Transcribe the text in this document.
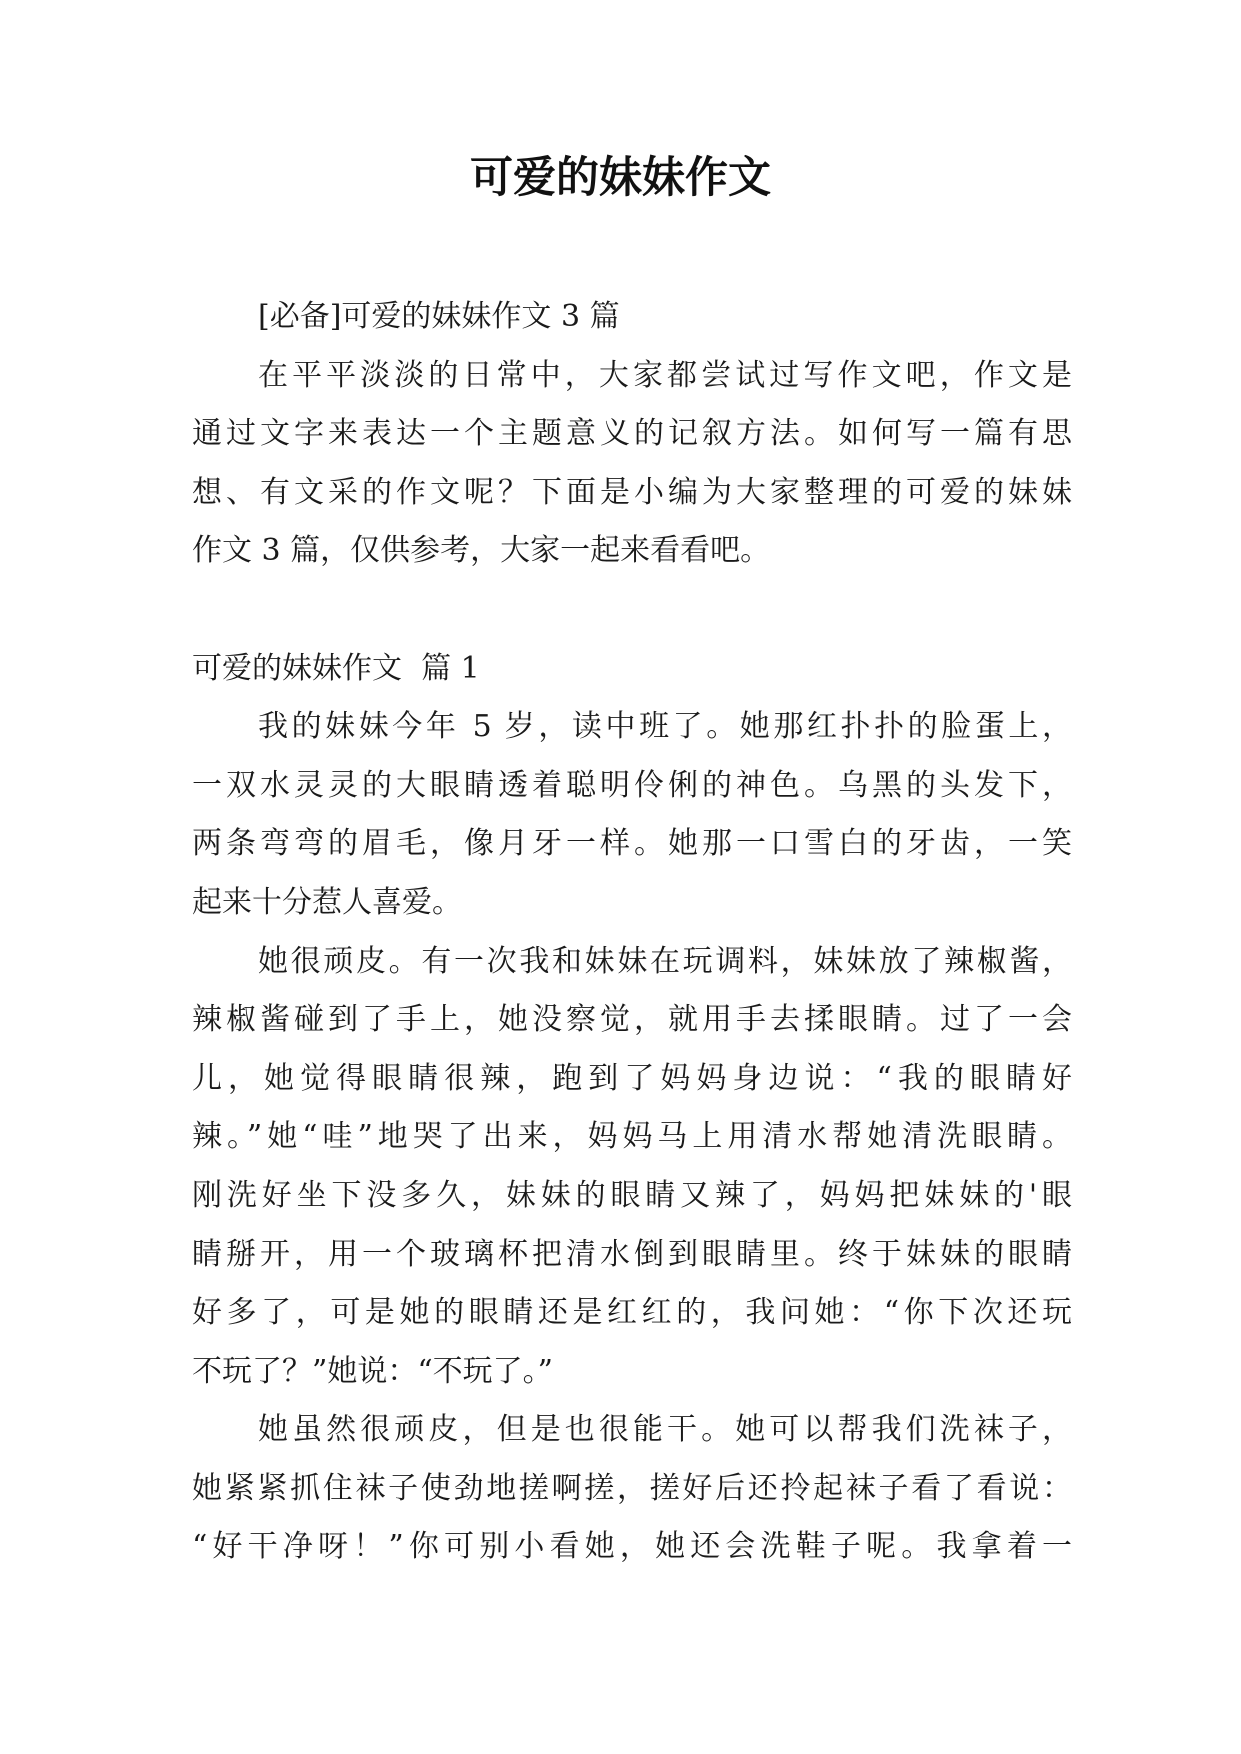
可爱的妹妹作文
[必备]可爱的妹妹作文 3 篇
在平平淡淡的日常中，大家都尝试过写作文吧，作文是
通过文字来表达一个主题意义的记叙方法。如何写一篇有思
想、有文采的作文呢？下面是小编为大家整理的可爱的妹妹
作文 3 篇，仅供参考，大家一起来看看吧。
可爱的妹妹作文  篇 1
我的妹妹今年 5 岁，读中班了。她那红扑扑的脸蛋上，
一双水灵灵的大眼睛透着聪明伶俐的神色。乌黑的头发下，
两条弯弯的眉毛，像月牙一样。她那一口雪白的牙齿，一笑
起来十分惹人喜爱。
她很顽皮。有一次我和妹妹在玩调料，妹妹放了辣椒酱，
辣椒酱碰到了手上，她没察觉，就用手去揉眼睛。过了一会
儿，她觉得眼睛很辣，跑到了妈妈身边说：“我的眼睛好
辣。”她“哇”地哭了出来，妈妈马上用清水帮她清洗眼睛。
刚洗好坐下没多久，妹妹的眼睛又辣了，妈妈把妹妹的'眼
睛掰开，用一个玻璃杯把清水倒到眼睛里。终于妹妹的眼睛
好多了，可是她的眼睛还是红红的，我问她：“你下次还玩
不玩了？”她说：“不玩了。”
她虽然很顽皮，但是也很能干。她可以帮我们洗袜子，
她紧紧抓住袜子使劲地搓啊搓，搓好后还拎起袜子看了看说：
“好干净呀！”你可别小看她，她还会洗鞋子呢。我拿着一
